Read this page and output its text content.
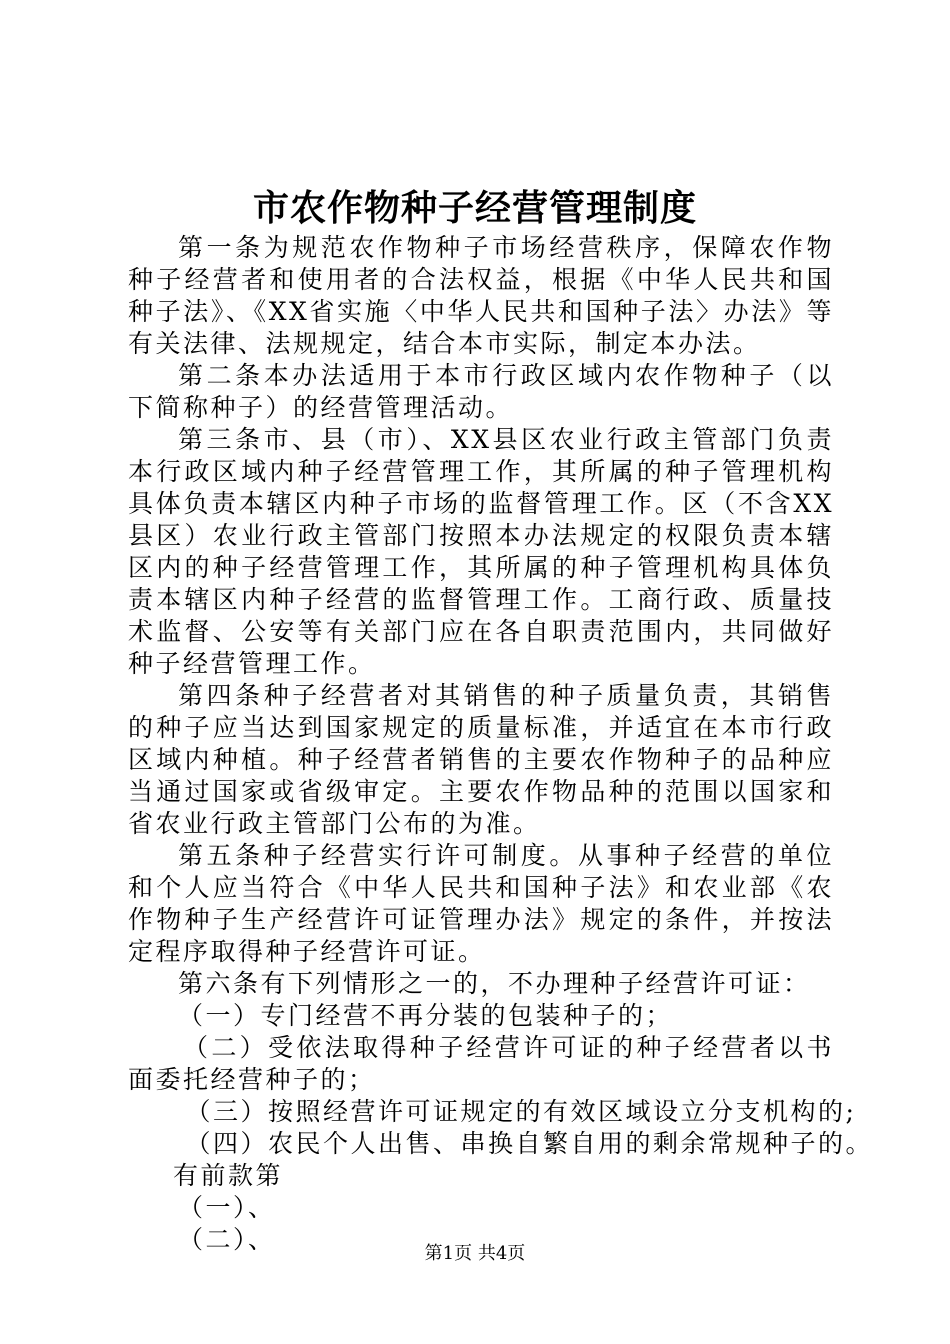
市农作物种子经营管理制度

第一条为规范农作物种子市场经营秩序，保障农作物种子经营者和使用者的合法权益，根据《中华人民共和国种子法》、《XX省实施〈中华人民共和国种子法〉办法》等有关法律、法规规定，结合本市实际，制定本办法。

第二条本办法适用于本市行政区域内农作物种子（以下简称种子）的经营管理活动。

第三条市、县（市）、XX县区农业行政主管部门负责本行政区域内种子经营管理工作，其所属的种子管理机构具体负责本辖区内种子市场的监督管理工作。区（不含XX县区）农业行政主管部门按照本办法规定的权限负责本辖区内的种子经营管理工作，其所属的种子管理机构具体负责本辖区内种子经营的监督管理工作。工商行政、质量技术监督、公安等有关部门应在各自职责范围内，共同做好种子经营管理工作。

第四条种子经营者对其销售的种子质量负责，其销售的种子应当达到国家规定的质量标准，并适宜在本市行政区域内种植。种子经营者销售的主要农作物种子的品种应当通过国家或省级审定。主要农作物品种的范围以国家和省农业行政主管部门公布的为准。

第五条种子经营实行许可制度。从事种子经营的单位和个人应当符合《中华人民共和国种子法》和农业部《农作物种子生产经营许可证管理办法》规定的条件，并按法定程序取得种子经营许可证。

第六条有下列情形之一的，不办理种子经营许可证：

（一）专门经营不再分装的包装种子的；

（二）受依法取得种子经营许可证的种子经营者以书面委托经营种子的；

（三）按照经营许可证规定的有效区域设立分支机构的;

（四）农民个人出售、串换自繁自用的剩余常规种子的。

有前款第

（一）、

（二）、	第1页 共4页
